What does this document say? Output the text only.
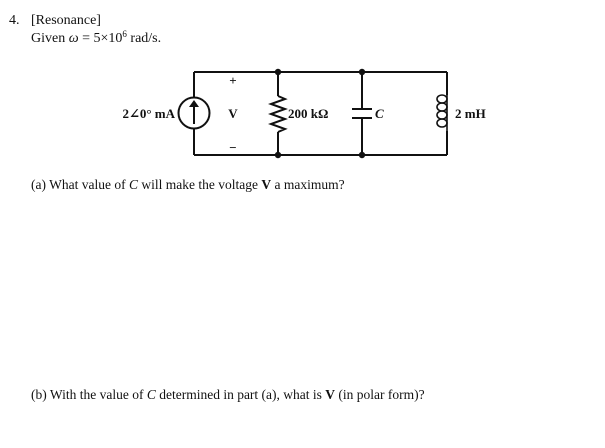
4. [Resonance]
Given $\omega = 5\times 10^6$ rad/s.
2∠0° mA
+
V
−
200 kΩ	C	2 mH
(a) What value of C will make the voltage V a maximum?
(b) With the value of C determined in part (a), what is V (in polar form)?
